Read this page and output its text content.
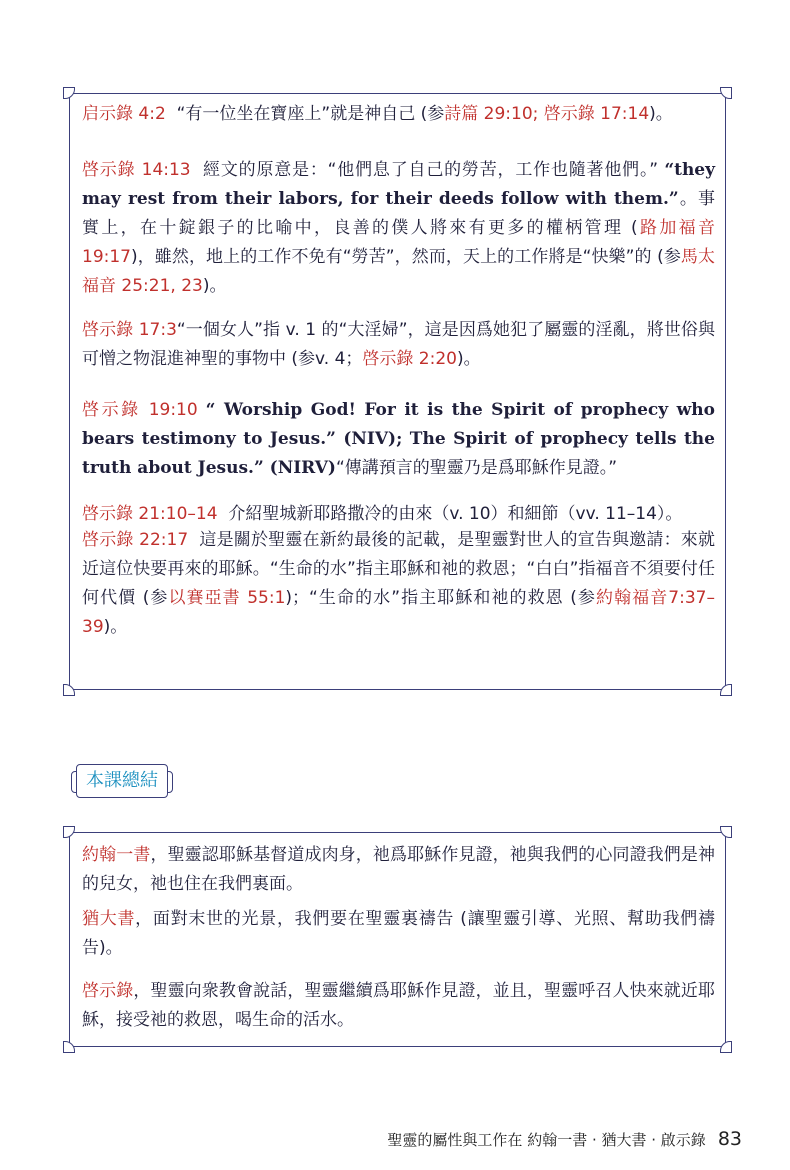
启示錄 4:2 “有一位坐在寶座上”就是神自己 (参詩篇 29:10; 啓示錄 17:14)。
啓示錄 14:13 經文的原意是：“他們息了自己的勞苦，工作也隨著他們。” “they may rest from their labors, for their deeds follow with them.”。事實上，在十錠銀子的比喻中，良善的僕人將來有更多的權柄管理 (路加福音 19:17)，雖然，地上的工作不免有“勞苦”，然而，天上的工作將是“快樂”的 (参馬太福音 25:21, 23)。
啓示錄 17:3“一個女人”指 v. 1 的“大淫婦”，這是因爲她犯了屬靈的淫亂，將世俗與可憎之物混進神聖的事物中 (参v. 4；啓示錄 2:20)。
啓示錄 19:10 “ Worship God! For it is the Spirit of prophecy who bears testimony to Jesus.” (NIV); The Spirit of prophecy tells the truth about Jesus.” (NIRV)“傳講預言的聖靈乃是爲耶穌作見證。”
啓示錄 21:10–14 介紹聖城新耶路撒冷的由來（v. 10）和細節（vv. 11–14）。
啓示錄 22:17 這是關於聖靈在新約最後的記載，是聖靈對世人的宣告與邀請：來就近這位快要再來的耶穌。“生命的水”指主耶穌和祂的救恩；“白白”指福音不須要付任何代價 (参以賽亞書 55:1)；“生命的水”指主耶穌和祂的救恩 (参約翰福音7:37–39)。
本課總結
約翰一書，聖靈認耶穌基督道成肉身，祂爲耶穌作見證，祂與我們的心同證我們是神的兒女，祂也住在我們裏面。
猶大書，面對末世的光景，我們要在聖靈裏禱告 (讓聖靈引導、光照、幫助我們禱告)。
啓示錄，聖靈向衆教會說話，聖靈繼續爲耶穌作見證，並且，聖靈呼召人快來就近耶穌，接受祂的救恩，喝生命的活水。
聖靈的屬性與工作在 約翰一書 · 猶大書 · 啟示錄 83
